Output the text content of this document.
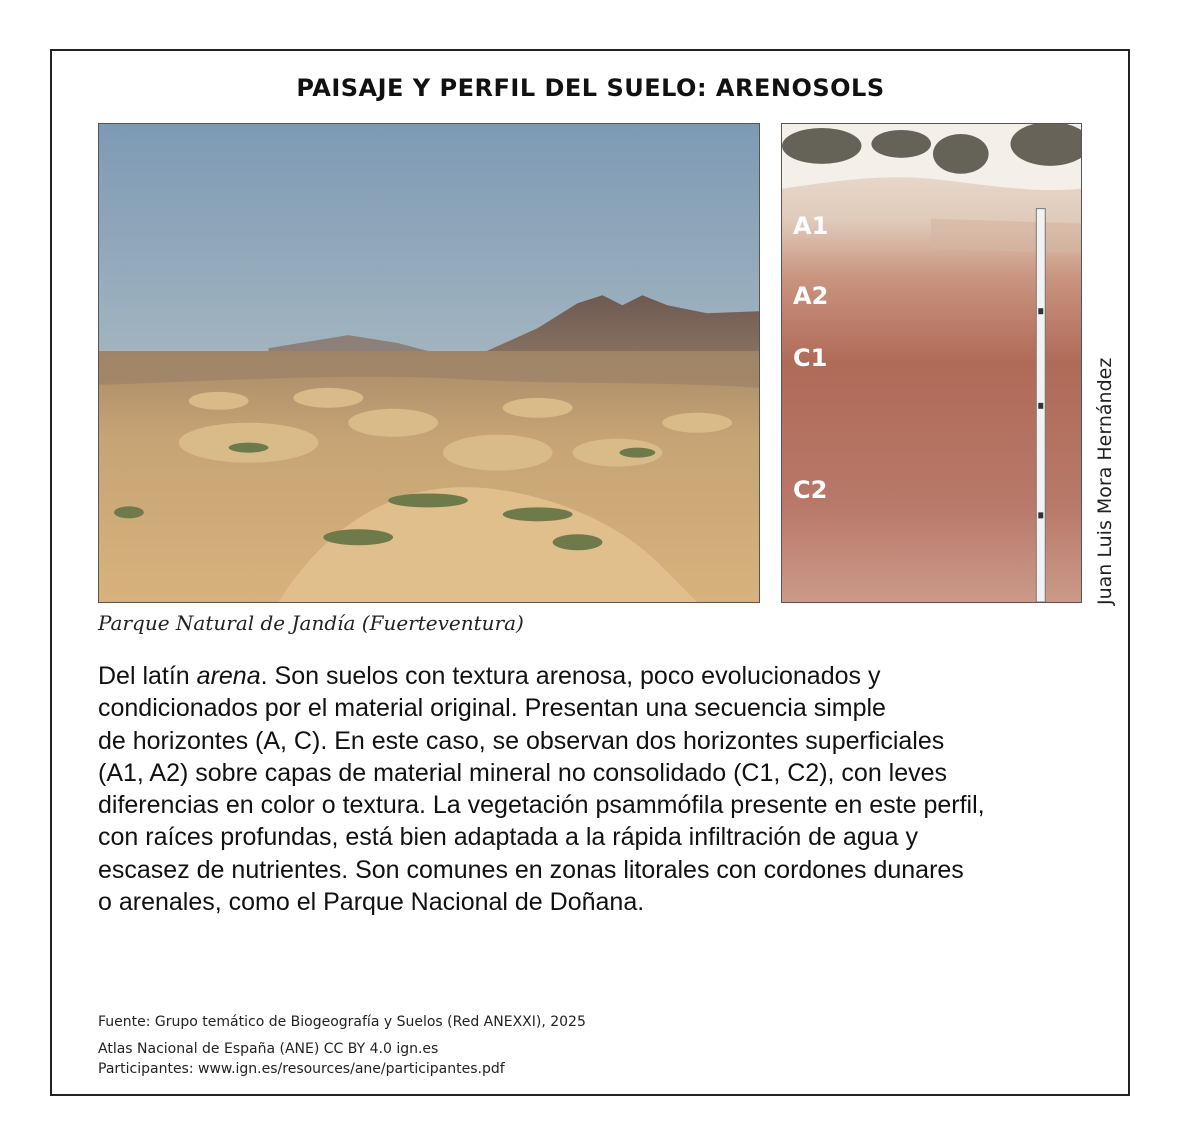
PAISAJE Y PERFIL DEL SUELO: ARENOSOLS
A1
A2
C1
C2	Juan Luis Mora Hernández
Parque Natural de Jandía (Fuerteventura)

Del latín arena. Son suelos con textura arenosa, poco evolucionados y
condicionados por el material original. Presentan una secuencia simple
de horizontes (A, C). En este caso, se observan dos horizontes superficiales
(A1, A2) sobre capas de material mineral no consolidado (C1, C2), con leves
diferencias en color o textura. La vegetación psammófila presente en este perfil,
con raíces profundas, está bien adaptada a la rápida infiltración de agua y
escasez de nutrientes. Son comunes en zonas litorales con cordones dunares
o arenales, como el Parque Nacional de Doñana.

Fuente: Grupo temático de Biogeografía y Suelos (Red ANEXXI), 2025
Atlas Nacional de España (ANE) CC BY 4.0 ign.es
Participantes: www.ign.es/resources/ane/participantes.pdf
